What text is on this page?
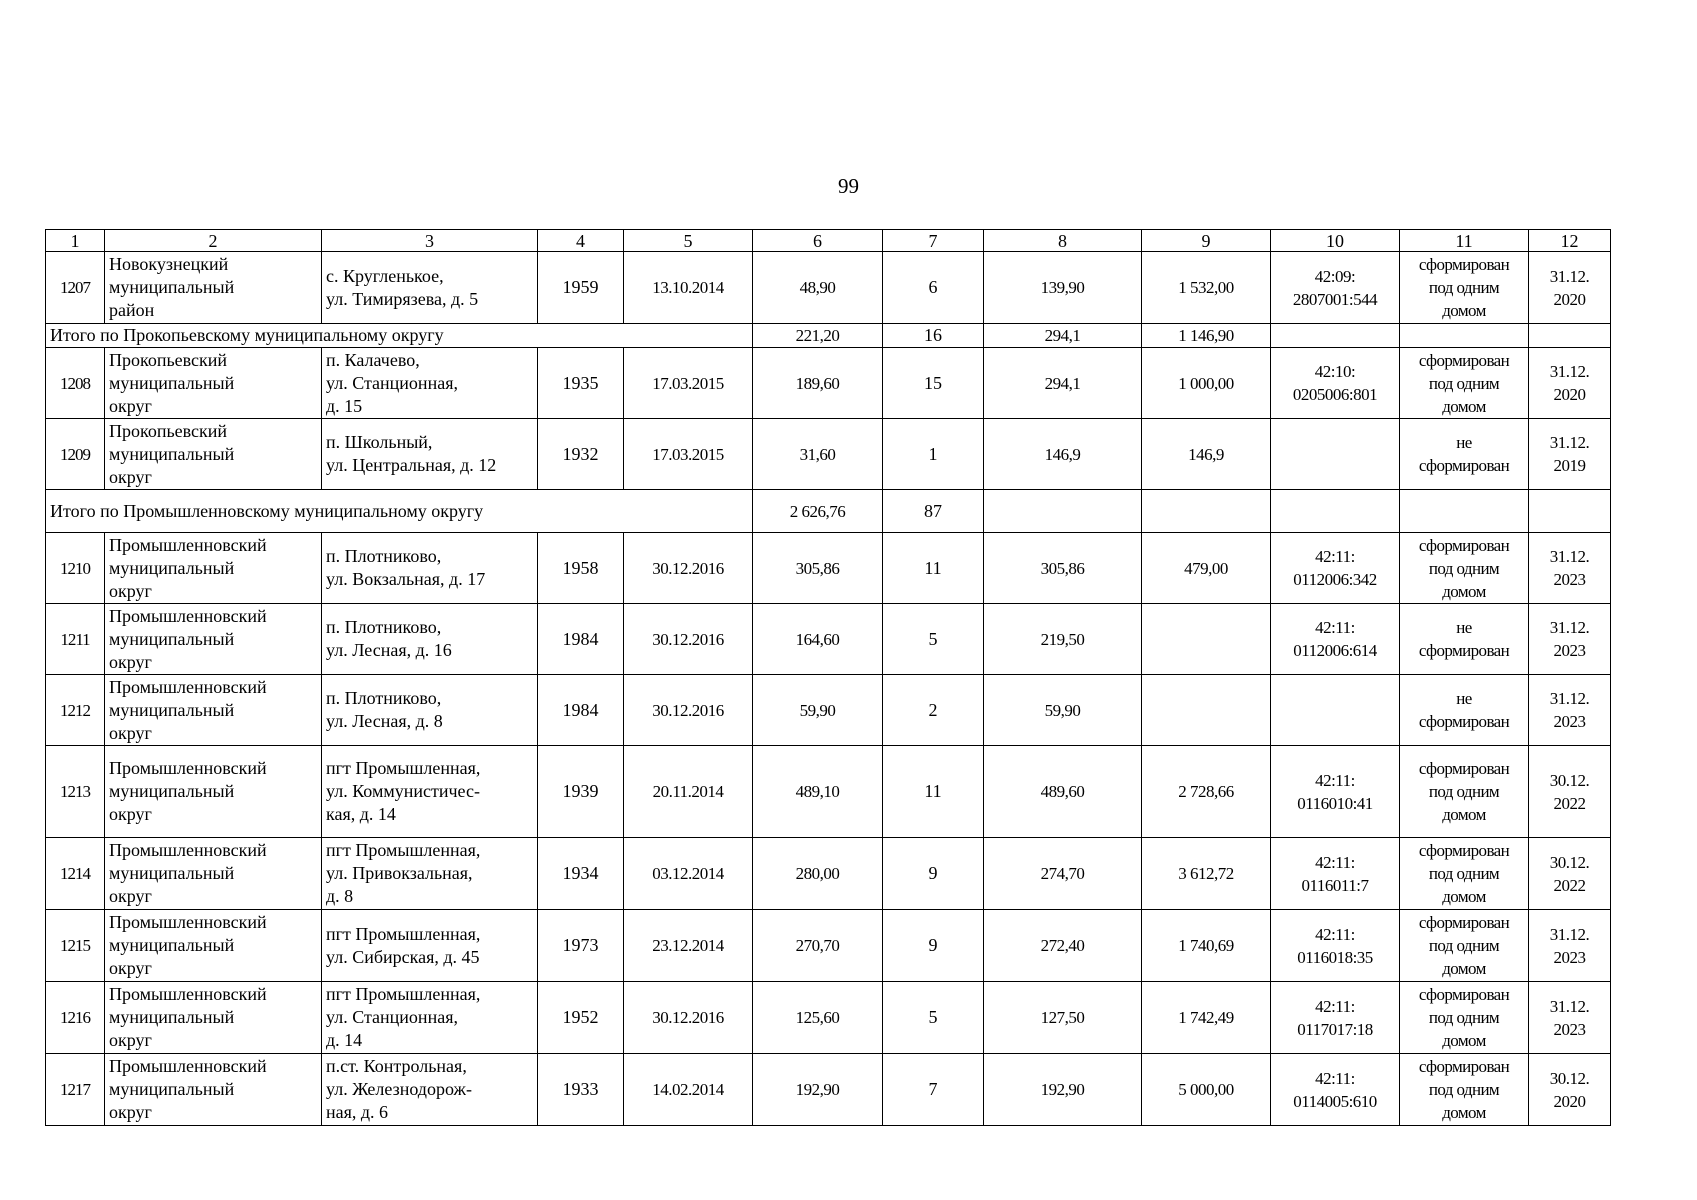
99
1	2	3	4	5	6	7	8	9	10	11	12
1207	Новокузнецкий
муниципальный
район	с. Кругленькое,
ул. Тимирязева, д. 5	1959	13.10.2014	48,90	6	139,90	1 532,00	42:09:
2807001:544	сформирован
под одним
домом	31.12.
2020

Итого по Прокопьевскому муниципальному округу					221,20	16	294,1	1 146,90			
1208	Прокопьевский
муниципальный
округ	п. Калачево,
ул. Станционная,
д. 15	1935	17.03.2015	189,60	15	294,1	1 000,00	42:10:
0205006:801	сформирован
под одним
домом	31.12.
2020

1209	Прокопьевский
муниципальный
округ	п. Школьный,
ул. Центральная, д. 12	1932	17.03.2015	31,60	1	146,9	146,9		не
сформирован	31.12.
2019

Итого по Промышленновскому муниципальному округу					2 626,76	87					
1210	Промышленновский
муниципальный
округ	п. Плотниково,
ул. Вокзальная, д. 17	1958	30.12.2016	305,86	11	305,86	479,00	42:11:
0112006:342	сформирован
под одним
домом	31.12.
2023

1211	Промышленновский
муниципальный
округ	п. Плотниково,
ул. Лесная, д. 16	1984	30.12.2016	164,60	5	219,50		42:11:
0112006:614	не
сформирован	31.12.
2023

1212	Промышленновский
муниципальный
округ	п. Плотниково,
ул. Лесная, д. 8	1984	30.12.2016	59,90	2	59,90			не
сформирован	31.12.
2023

1213	Промышленновский
муниципальный
округ	пгт Промышленная,
ул. Коммунистичес-
кая, д. 14	1939	20.11.2014	489,10	11	489,60	2 728,66	42:11:
0116010:41	сформирован
под одним
домом	30.12.
2022

1214	Промышленновский
муниципальный
округ	пгт Промышленная,
ул. Привокзальная,
д. 8	1934	03.12.2014	280,00	9	274,70	3 612,72	42:11:
0116011:7	сформирован
под одним
домом	30.12.
2022

1215	Промышленновский
муниципальный
округ	пгт Промышленная,
ул. Сибирская, д. 45	1973	23.12.2014	270,70	9	272,40	1 740,69	42:11:
0116018:35	сформирован
под одним
домом	31.12.
2023

1216	Промышленновский
муниципальный
округ	пгт Промышленная,
ул. Станционная,
д. 14	1952	30.12.2016	125,60	5	127,50	1 742,49	42:11:
0117017:18	сформирован
под одним
домом	31.12.
2023

1217	Промышленновский
муниципальный
округ	п.ст. Контрольная,
ул. Железнодорож-
ная, д. 6	1933	14.02.2014	192,90	7	192,90	5 000,00	42:11:
0114005:610	сформирован
под одним
домом	30.12.
2020
